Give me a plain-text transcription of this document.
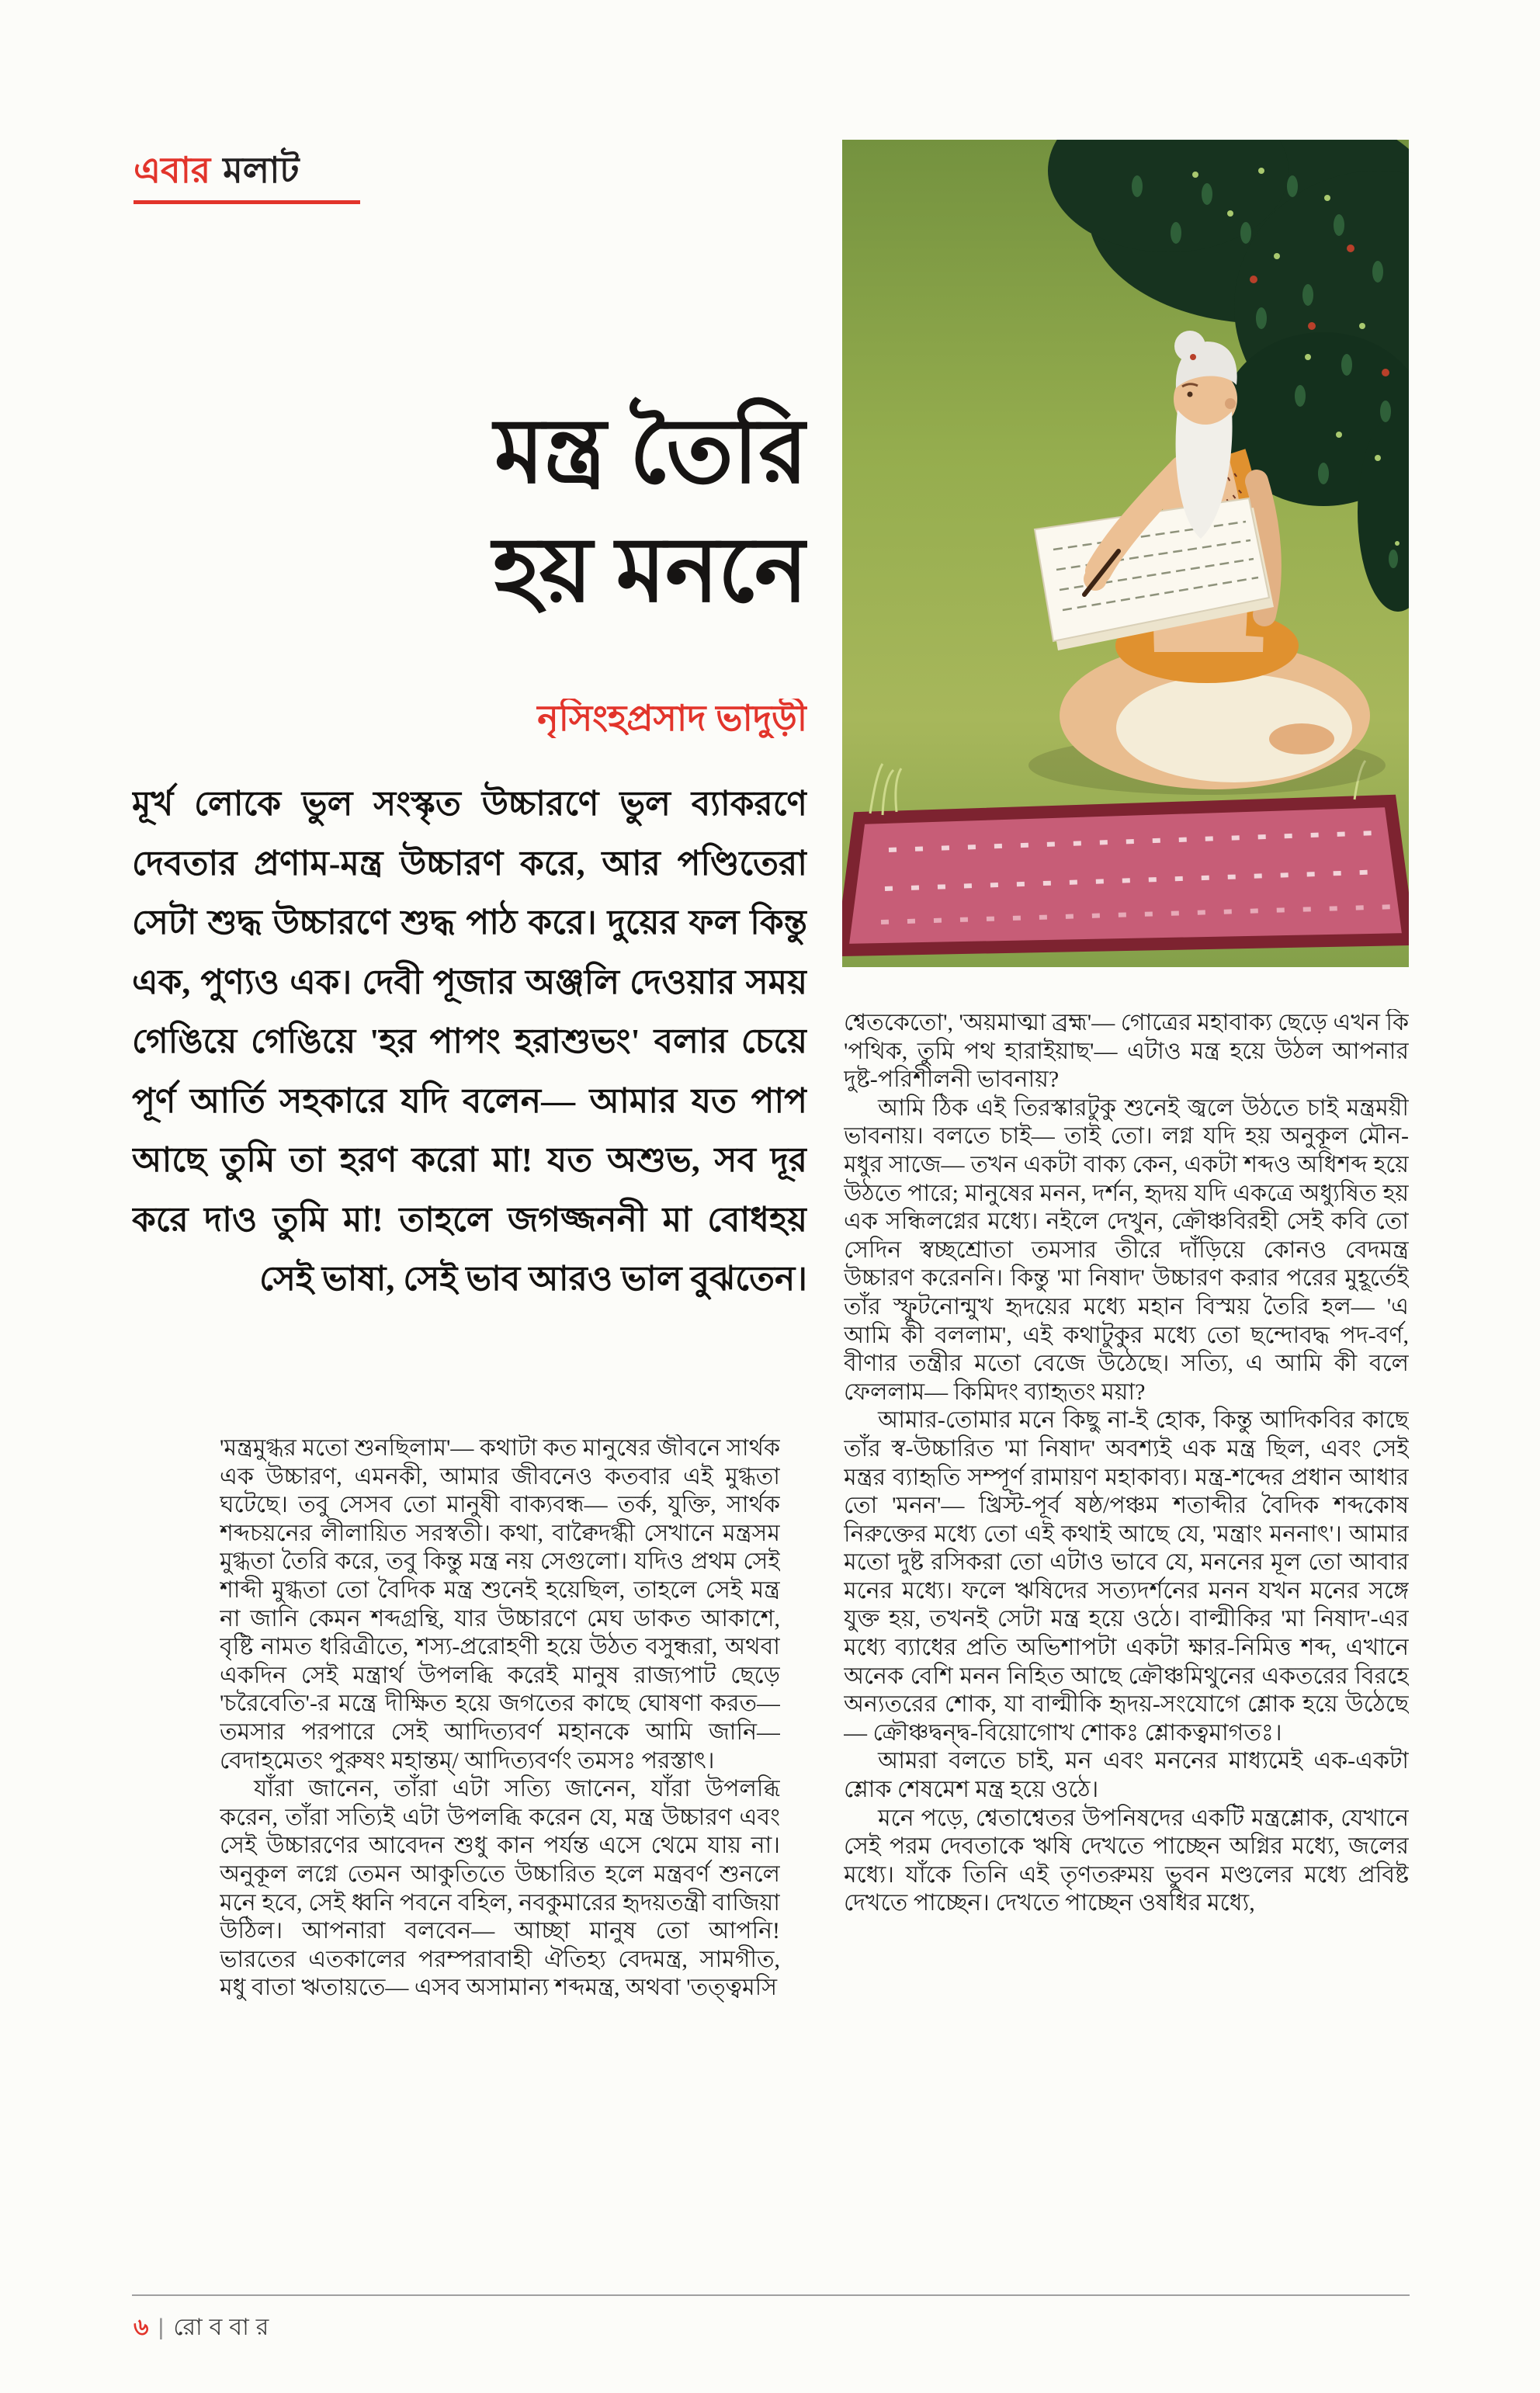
এবার মলাট
মন্ত্র তৈরি
হয় মননে
নৃসিংহপ্রসাদ ভাদুড়ী

মূর্খ লোকে ভুল সংস্কৃত উচ্চারণে ভুল ব্যাকরণে দেবতার প্রণাম-মন্ত্র উচ্চারণ করে, আর পণ্ডিতেরা সেটা শুদ্ধ উচ্চারণে শুদ্ধ পাঠ করে। দুয়ের ফল কিন্তু এক, পুণ্যও এক। দেবী পূজার অঞ্জলি দেওয়ার সময় গেঙিয়ে গেঙিয়ে 'হর পাপং হরাশুভং' বলার চেয়ে পূর্ণ আর্তি সহকারে যদি বলেন— আমার যত পাপ আছে তুমি তা হরণ করো মা! যত অশুভ, সব দূর করে দাও তুমি মা! তাহলে জগজ্জননী মা বোধহয় সেই ভাষা, সেই ভাব আরও ভাল বুঝতেন।

'মন্ত্রমুগ্ধর মতো শুনছিলাম'— কথাটা কত মানুষের জীবনে সার্থক এক উচ্চারণ, এমনকী, আমার জীবনেও কতবার এই মুগ্ধতা ঘটেছে। তবু সেসব তো মানুষী বাক্যবন্ধ— তর্ক, যুক্তি, সার্থক শব্দচয়নের লীলায়িত সরস্বতী। কথা, বাক্বৈদগ্ধী সেখানে মন্ত্রসম মুগ্ধতা তৈরি করে, তবু কিন্তু মন্ত্র নয় সেগুলো। যদিও প্রথম সেই শাব্দী মুগ্ধতা তো বৈদিক মন্ত্র শুনেই হয়েছিল, তাহলে সেই মন্ত্র না জানি কেমন শব্দগ্রন্থি, যার উচ্চারণে মেঘ ডাকত আকাশে, বৃষ্টি নামত ধরিত্রীতে, শস্য-প্ররোহণী হয়ে উঠত বসুন্ধরা, অথবা একদিন সেই মন্ত্রার্থ উপলব্ধি করেই মানুষ রাজ্যপাট ছেড়ে 'চরৈবেতি'-র মন্ত্রে দীক্ষিত হয়ে জগতের কাছে ঘোষণা করত— তমসার পরপারে সেই আদিত্যবর্ণ মহানকে আমি জানি— বেদাহমেতং পুরুষং মহান্তম্‌/ আদিত্যবর্ণং তমসঃ পরস্তাৎ।

যাঁরা জানেন, তাঁরা এটা সত্যি জানেন, যাঁরা উপলব্ধি করেন, তাঁরা সত্যিই এটা উপলব্ধি করেন যে, মন্ত্র উচ্চারণ এবং সেই উচ্চারণের আবেদন শুধু কান পর্যন্ত এসে থেমে যায় না। অনুকূল লগ্নে তেমন আকুতিতে উচ্চারিত হলে মন্ত্রবর্ণ শুনলে মনে হবে, সেই ধ্বনি পবনে বহিল, নবকুমারের হৃদয়তন্ত্রী বাজিয়া উঠিল। আপনারা বলবেন— আচ্ছা মানুষ তো আপনি! ভারতের এতকালের পরম্পরাবাহী ঐতিহ্য বেদমন্ত্র, সামগীত, মধু বাতা ঋতায়তে— এসব অসামান্য শব্দমন্ত্র, অথবা 'তত্ত্বমসি

শ্বেতকেতো', 'অয়মাত্মা ব্রহ্ম'— গোত্রের মহাবাক্য ছেড়ে এখন কি 'পথিক, তুমি পথ হারাইয়াছ'— এটাও মন্ত্র হয়ে উঠল আপনার দুষ্ট-পরিশীলনী ভাবনায়?

আমি ঠিক এই তিরস্কারটুকু শুনেই জ্বলে উঠতে চাই মন্ত্রময়ী ভাবনায়। বলতে চাই— তাই তো। লগ্ন যদি হয় অনুকূল মৌন-মধুর সাজে— তখন একটা বাক্য কেন, একটা শব্দও অধিশব্দ হয়ে উঠতে পারে; মানুষের মনন, দর্শন, হৃদয় যদি একত্রে অধ্যুষিত হয় এক সন্ধিলগ্নের মধ্যে। নইলে দেখুন, ক্রৌঞ্চবিরহী সেই কবি তো সেদিন স্বচ্ছশ্রোতা তমসার তীরে দাঁড়িয়ে কোনও বেদমন্ত্র উচ্চারণ করেননি। কিন্তু 'মা নিষাদ' উচ্চারণ করার পরের মুহূর্তেই তাঁর স্ফুটনোন্মুখ হৃদয়ের মধ্যে মহান বিস্ময় তৈরি হল— 'এ আমি কী বললাম', এই কথাটুকুর মধ্যে তো ছন্দোবদ্ধ পদ-বর্ণ, বীণার তন্ত্রীর মতো বেজে উঠেছে। সত্যি, এ আমি কী বলে ফেললাম— কিমিদং ব্যাহৃতং ময়া?

আমার-তোমার মনে কিছু না-ই হোক, কিন্তু আদিকবির কাছে তাঁর স্ব-উচ্চারিত 'মা নিষাদ' অবশ্যই এক মন্ত্র ছিল, এবং সেই মন্ত্রর ব্যাহৃতি সম্পূর্ণ রামায়ণ মহাকাব্য। মন্ত্র-শব্দের প্রধান আধার তো 'মনন'— খ্রিস্ট-পূর্ব ষষ্ঠ/পঞ্চম শতাব্দীর বৈদিক শব্দকোষ নিরুক্তের মধ্যে তো এই কথাই আছে যে, 'মন্ত্রাং মননাৎ'। আমার মতো দুষ্ট রসিকরা তো এটাও ভাবে যে, মননের মূল তো আবার মনের মধ্যে। ফলে ঋষিদের সত্যদর্শনের মনন যখন মনের সঙ্গে যুক্ত হয়, তখনই সেটা মন্ত্র হয়ে ওঠে। বাল্মীকির 'মা নিষাদ'-এর মধ্যে ব্যাধের প্রতি অভিশাপটা একটা ক্ষার-নিমিত্ত শব্দ, এখানে অনেক বেশি মনন নিহিত আছে ক্রৌঞ্চমিথুনের একতরের বিরহে অন্যতরের শোক, যা বাল্মীকি হৃদয়-সংযোগে শ্লোক হয়ে উঠেছে— ক্রৌঞ্চদ্বন্দ্ব-বিয়োগোখ শোকঃ শ্লোকত্বমাগতঃ।

আমরা বলতে চাই, মন এবং মননের মাধ্যমেই এক-একটা শ্লোক শেষমেশ মন্ত্র হয়ে ওঠে।

মনে পড়ে, শ্বেতাশ্বেতর উপনিষদের একটি মন্ত্রশ্লোক, যেখানে সেই পরম দেবতাকে ঋষি দেখতে পাচ্ছেন অগ্নির মধ্যে, জলের মধ্যে। যাঁকে তিনি এই তৃণতরুময় ভুবন মণ্ডলের মধ্যে প্রবিষ্ট দেখতে পাচ্ছেন। দেখতে পাচ্ছেন ওষধির মধ্যে,

৬ | রোববার
